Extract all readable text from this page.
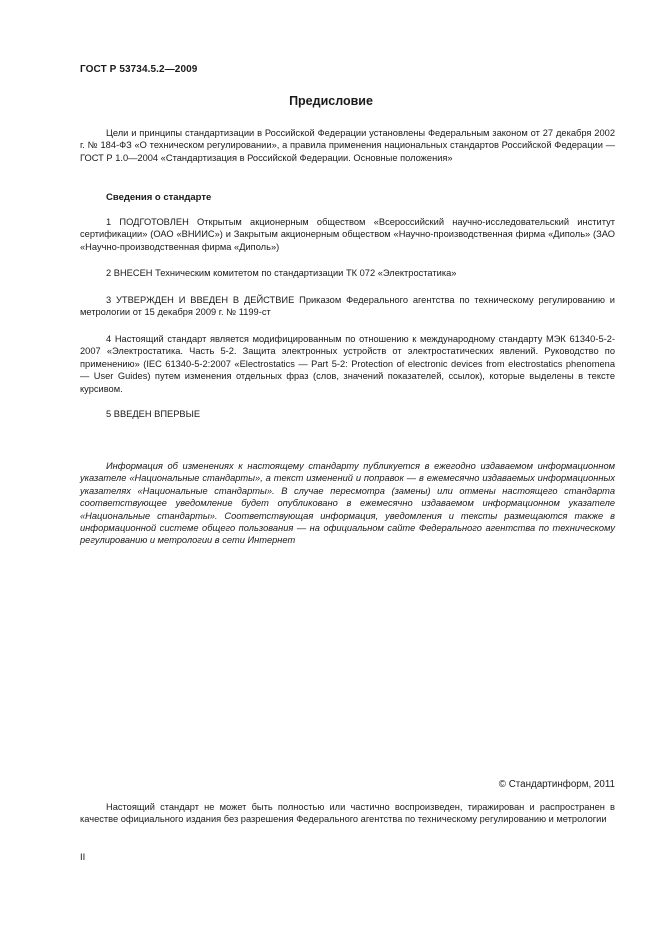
ГОСТ Р 53734.5.2—2009
Предисловие

Цели и принципы стандартизации в Российской Федерации установлены Федеральным законом от 27 декабря 2002 г. № 184-ФЗ «О техническом регулировании», а правила применения национальных стандартов Российской Федерации — ГОСТ Р 1.0—2004 «Стандартизация в Российской Федерации. Основные положения»

Сведения о стандарте

1 ПОДГОТОВЛЕН Открытым акционерным обществом «Всероссийский научно-исследовательский институт сертификации» (ОАО «ВНИИС») и Закрытым акционерным обществом «Научно-производственная фирма «Диполь» (ЗАО «Научно-производственная фирма «Диполь»)

2 ВНЕСЕН Техническим комитетом по стандартизации ТК 072 «Электростатика»

3 УТВЕРЖДЕН И ВВЕДЕН В ДЕЙСТВИЕ Приказом Федерального агентства по техническому регулированию и метрологии от 15 декабря 2009 г. № 1199-ст

4 Настоящий стандарт является модифицированным по отношению к международному стандарту МЭК 61340-5-2-2007 «Электростатика. Часть 5-2. Защита электронных устройств от электростатических явлений. Руководство по применению» (IEC 61340-5-2:2007 «Electrostatics — Part 5-2: Protection of electronic devices from electrostatics phenomena — User Guides) путем изменения отдельных фраз (слов, значений показателей, ссылок), которые выделены в тексте курсивом.

5 ВВЕДЕН ВПЕРВЫЕ

Информация об изменениях к настоящему стандарту публикуется в ежегодно издаваемом информационном указателе «Национальные стандарты», а текст изменений и поправок — в ежемесячно издаваемых информационных указателях «Национальные стандарты». В случае пересмотра (замены) или отмены настоящего стандарта соответствующее уведомление будет опубликовано в ежемесячно издаваемом информационном указателе «Национальные стандарты». Соответствующая информация, уведомления и тексты размещаются также в информационной системе общего пользования — на официальном сайте Федерального агентства по техническому регулированию и метрологии в сети Интернет

© Стандартинформ, 2011

Настоящий стандарт не может быть полностью или частично воспроизведен, тиражирован и распространен в качестве официального издания без разрешения Федерального агентства по техническому регулированию и метрологии

II
